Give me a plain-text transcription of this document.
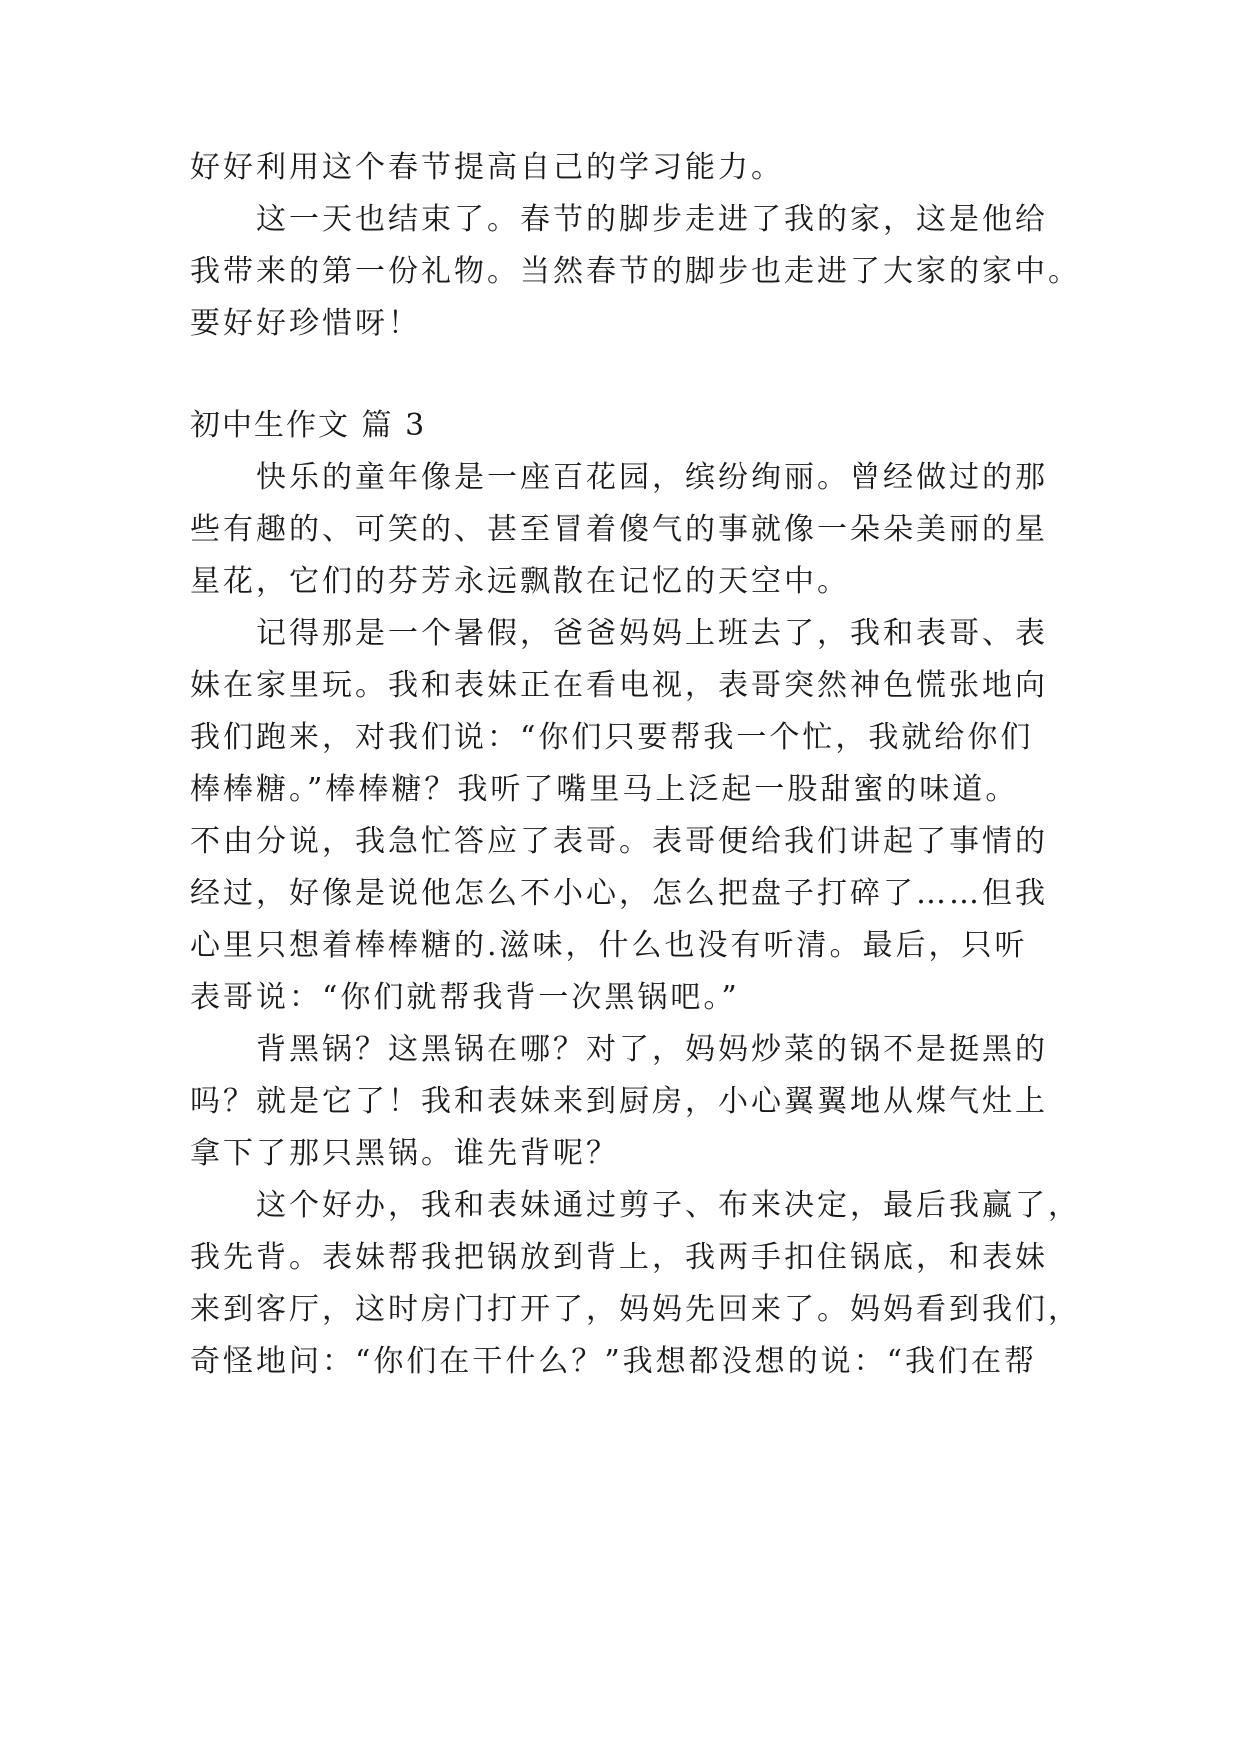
好好利用这个春节提高自己的学习能力。
这一天也结束了。春节的脚步走进了我的家，这是他给
我带来的第一份礼物。当然春节的脚步也走进了大家的家中。
要好好珍惜呀！
初中生作文 篇 3
快乐的童年像是一座百花园，缤纷绚丽。曾经做过的那
些有趣的、可笑的、甚至冒着傻气的事就像一朵朵美丽的星
星花，它们的芬芳永远飘散在记忆的天空中。
记得那是一个暑假，爸爸妈妈上班去了，我和表哥、表
妹在家里玩。我和表妹正在看电视，表哥突然神色慌张地向
我们跑来，对我们说：“你们只要帮我一个忙，我就给你们
棒棒糖。”棒棒糖？我听了嘴里马上泛起一股甜蜜的味道。
不由分说，我急忙答应了表哥。表哥便给我们讲起了事情的
经过，好像是说他怎么不小心，怎么把盘子打碎了……但我
心里只想着棒棒糖的.滋味，什么也没有听清。最后，只听
表哥说：“你们就帮我背一次黑锅吧。”
背黑锅？这黑锅在哪？对了，妈妈炒菜的锅不是挺黑的
吗？就是它了！我和表妹来到厨房，小心翼翼地从煤气灶上
拿下了那只黑锅。谁先背呢？
这个好办，我和表妹通过剪子、布来决定，最后我赢了，
我先背。表妹帮我把锅放到背上，我两手扣住锅底，和表妹
来到客厅，这时房门打开了，妈妈先回来了。妈妈看到我们，
奇怪地问：“你们在干什么？”我想都没想的说：“我们在帮
